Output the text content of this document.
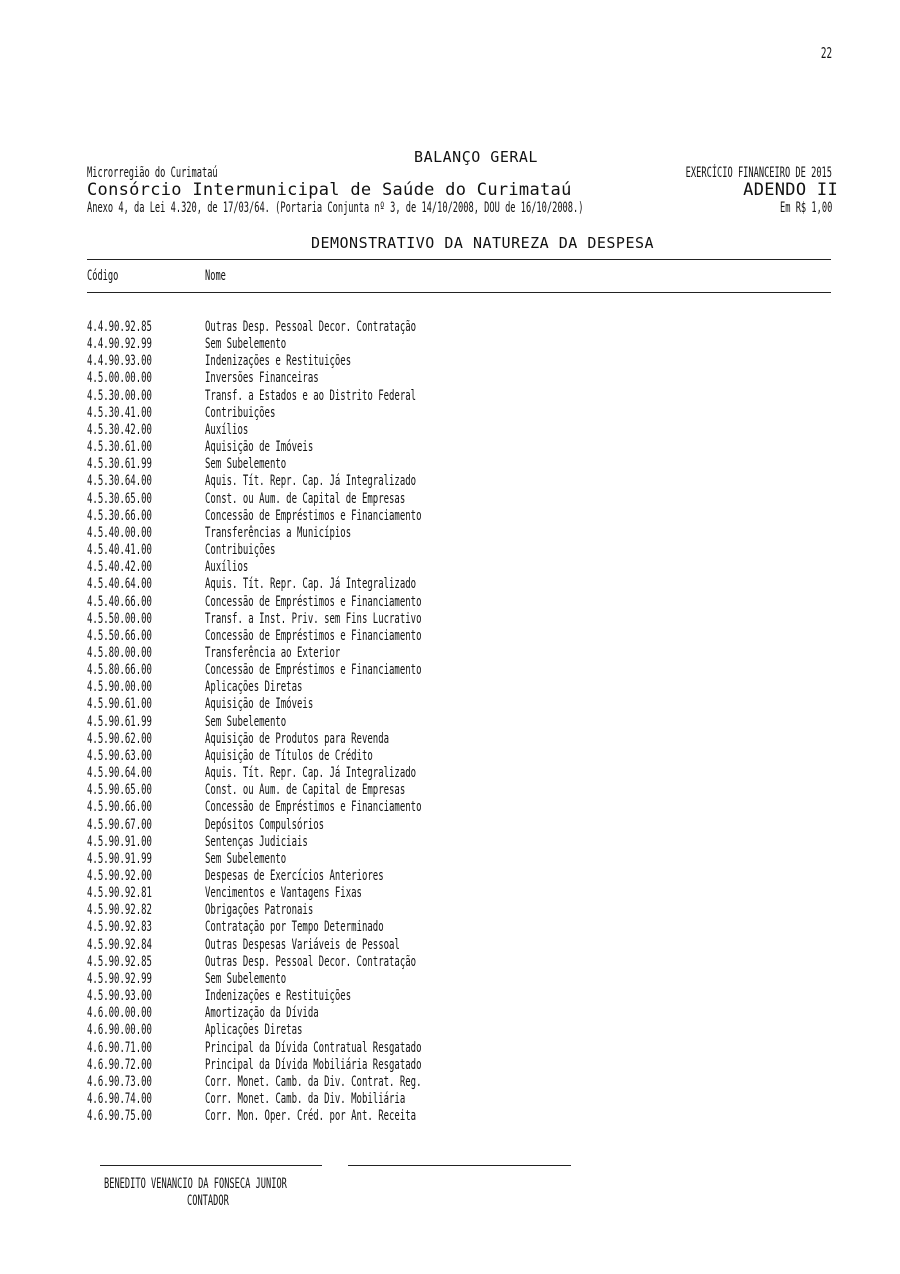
22
BALANÇO GERAL
Microrregião do Curimataú	EXERCÍCIO FINANCEIRO DE 2015
Consórcio Intermunicipal de Saúde do Curimataú	ADENDO II
Anexo 4, da Lei 4.320, de 17/03/64. (Portaria Conjunta nº 3, de 14/10/2008, DOU de 16/10/2008.)	Em R$ 1,00
DEMONSTRATIVO DA NATUREZA DA DESPESA
Código	Nome
4.4.90.92.85	Outras Desp. Pessoal Decor. Contratação
4.4.90.92.99	Sem Subelemento
4.4.90.93.00	Indenizações e Restituições
4.5.00.00.00	Inversões Financeiras
4.5.30.00.00	Transf. a Estados e ao Distrito Federal
4.5.30.41.00	Contribuições
4.5.30.42.00	Auxílios
4.5.30.61.00	Aquisição de Imóveis
4.5.30.61.99	Sem Subelemento
4.5.30.64.00	Aquis. Tít. Repr. Cap. Já Integralizado
4.5.30.65.00	Const. ou Aum. de Capital de Empresas
4.5.30.66.00	Concessão de Empréstimos e Financiamento
4.5.40.00.00	Transferências a Municípios
4.5.40.41.00	Contribuições
4.5.40.42.00	Auxílios
4.5.40.64.00	Aquis. Tít. Repr. Cap. Já Integralizado
4.5.40.66.00	Concessão de Empréstimos e Financiamento
4.5.50.00.00	Transf. a Inst. Priv. sem Fins Lucrativo
4.5.50.66.00	Concessão de Empréstimos e Financiamento
4.5.80.00.00	Transferência ao Exterior
4.5.80.66.00	Concessão de Empréstimos e Financiamento
4.5.90.00.00	Aplicações Diretas
4.5.90.61.00	Aquisição de Imóveis
4.5.90.61.99	Sem Subelemento
4.5.90.62.00	Aquisição de Produtos para Revenda
4.5.90.63.00	Aquisição de Títulos de Crédito
4.5.90.64.00	Aquis. Tít. Repr. Cap. Já Integralizado
4.5.90.65.00	Const. ou Aum. de Capital de Empresas
4.5.90.66.00	Concessão de Empréstimos e Financiamento
4.5.90.67.00	Depósitos Compulsórios
4.5.90.91.00	Sentenças Judiciais
4.5.90.91.99	Sem Subelemento
4.5.90.92.00	Despesas de Exercícios Anteriores
4.5.90.92.81	Vencimentos e Vantagens Fixas
4.5.90.92.82	Obrigações Patronais
4.5.90.92.83	Contratação por Tempo Determinado
4.5.90.92.84	Outras Despesas Variáveis de Pessoal
4.5.90.92.85	Outras Desp. Pessoal Decor. Contratação
4.5.90.92.99	Sem Subelemento
4.5.90.93.00	Indenizações e Restituições
4.6.00.00.00	Amortização da Dívida
4.6.90.00.00	Aplicações Diretas
4.6.90.71.00	Principal da Dívida Contratual Resgatado
4.6.90.72.00	Principal da Dívida Mobiliária Resgatado
4.6.90.73.00	Corr. Monet. Camb. da Div. Contrat. Reg.
4.6.90.74.00	Corr. Monet. Camb. da Div. Mobiliária
4.6.90.75.00	Corr. Mon. Oper. Créd. por Ant. Receita
BENEDITO VENANCIO DA FONSECA JUNIOR
CONTADOR
